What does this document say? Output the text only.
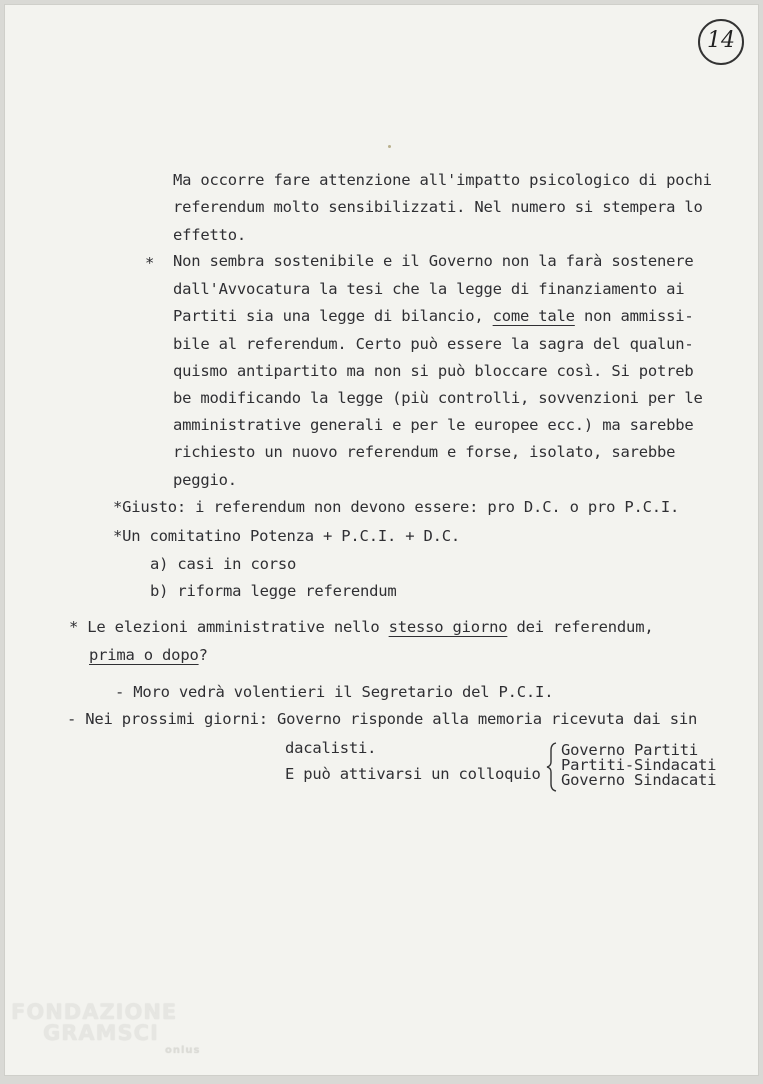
14
Ma occorre fare attenzione all'impatto psicologico di pochi
referendum molto sensibilizzati. Nel numero si stempera lo
effetto.
* Non sembra sostenibile e il Governo non la farà sostenere
dall'Avvocatura la tesi che la legge di finanziamento ai
Partiti sia una legge di bilancio, come tale non ammissi-
bile al referendum. Certo può essere la sagra del qualun-
quismo antipartito ma non si può bloccare così. Si potreb
be modificando la legge (più controlli, sovvenzioni per le
amministrative generali e per le europee ecc.) ma sarebbe
richiesto un nuovo referendum e forse, isolato, sarebbe
peggio.
*Giusto: i referendum non devono essere: pro D.C. o pro P.C.I.
*Un comitatino Potenza + P.C.I. + D.C.
a) casi in corso
b) riforma legge referendum
* Le elezioni amministrative nello stesso giorno dei referendum,
prima o dopo?
- Moro vedrà volentieri il Segretario del P.C.I.
- Nei prossimi giorni: Governo risponde alla memoria ricevuta dai sin
dacalisti.
E può attivarsi un colloquio
Governo Partiti
Partiti-Sindacati
Governo Sindacati
FONDAZIONE
GRAMSCI
onlus
